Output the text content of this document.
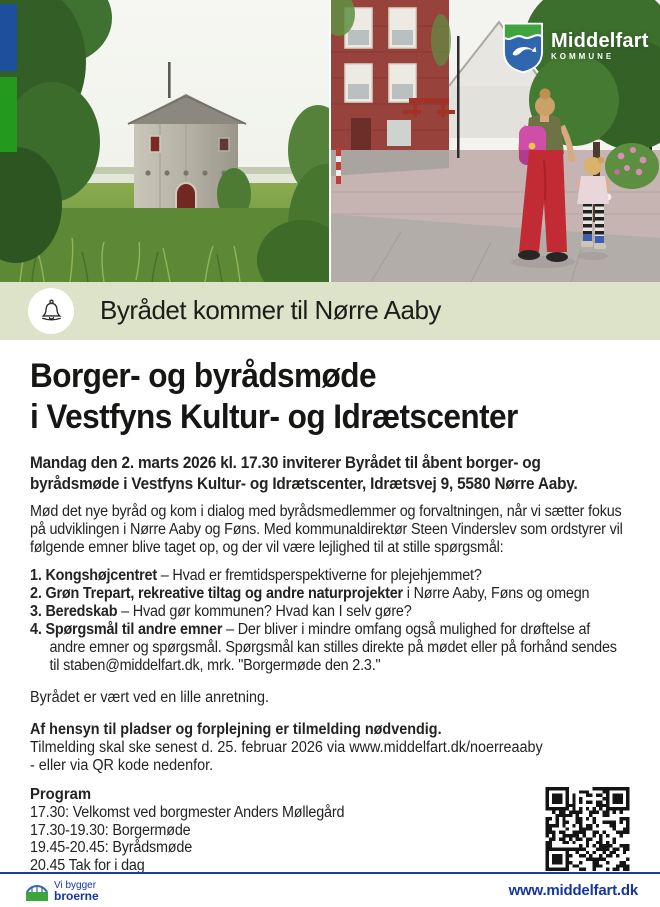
Middelfart
KOMMUNE
Byrådet kommer til Nørre Aaby
Borger- og byrådsmøde
i Vestfyns Kultur- og Idrætscenter

Mandag den 2. marts 2026 kl. 17.30 inviterer Byrådet til åbent borger- og byrådsmøde i Vestfyns Kultur- og Idrætscenter, Idrætsvej 9, 5580 Nørre Aaby.

Mød det nye byråd og kom i dialog med byrådsmedlemmer og forvaltningen, når vi sætter fokus på udviklingen i Nørre Aaby og Føns. Med kommunaldirektør Steen Vinderslev som ordstyrer vil følgende emner blive taget op, og der vil være lejlighed til at stille spørgsmål:

1. Kongshøjcentret – Hvad er fremtidsperspektiverne for plejehjemmet?
2. Grøn Trepart, rekreative tiltag og andre naturprojekter i Nørre Aaby, Føns og omegn
3. Beredskab – Hvad gør kommunen? Hvad kan I selv gøre?
4. Spørgsmål til andre emner – Der bliver i mindre omfang også mulighed for drøftelse af andre emner og spørgsmål. Spørgsmål kan stilles direkte på mødet eller på forhånd sendes til staben@middelfart.dk, mrk. "Borgermøde den 2.3."

Byrådet er vært ved en lille anretning.

Af hensyn til pladser og forplejning er tilmelding nødvendig.

Tilmelding skal ske senest d. 25. februar 2026 via www.middelfart.dk/noerreaaby

- eller via QR kode nedenfor.

Program
17.30: Velkomst ved borgmester Anders Møllegård
17.30-19.30: Borgermøde
19.45-20.45: Byrådsmøde
20.45 Tak for i dag
Vi bygger
broerne	www.middelfart.dk
